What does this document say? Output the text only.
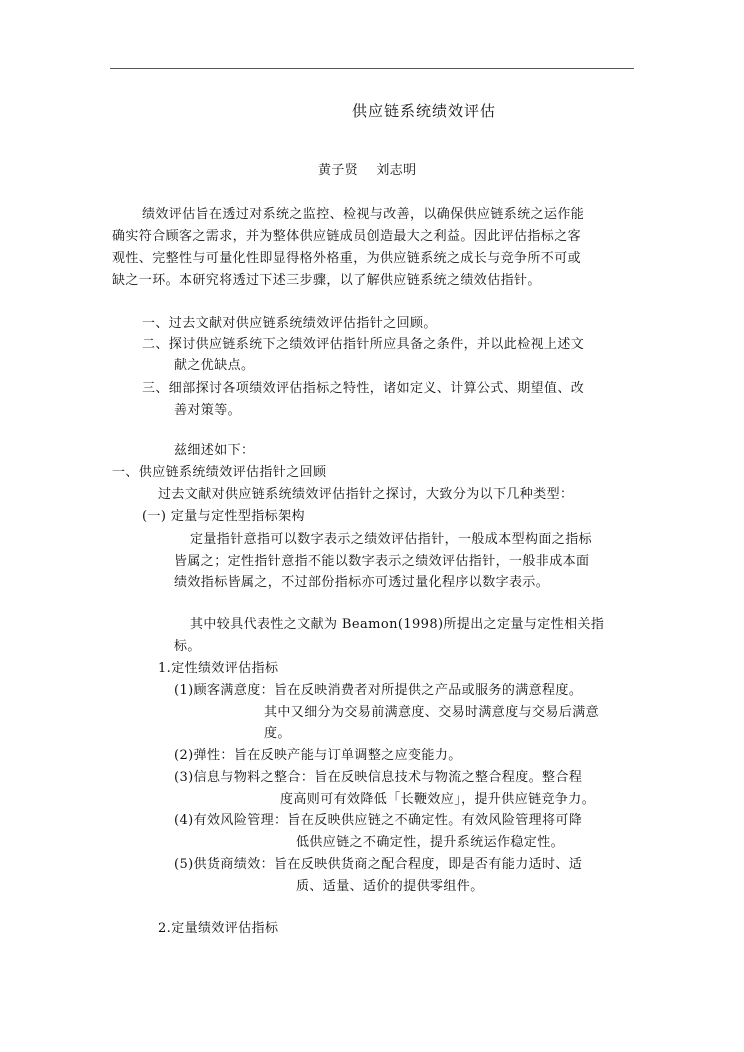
供应链系统绩效评估
黄子贤    刘志明
绩效评估旨在透过对系统之监控、检视与改善，以确保供应链系统之运作能
确实符合顾客之需求，并为整体供应链成员创造最大之利益。因此评估指标之客
观性、完整性与可量化性即显得格外格重，为供应链系统之成长与竞争所不可或
缺之一环。本研究将透过下述三步骤，以了解供应链系统之绩效估指针。
一、过去文献对供应链系统绩效评估指针之回顾。
二、探讨供应链系统下之绩效评估指针所应具备之条件，并以此检视上述文
献之优缺点。
三、细部探讨各项绩效评估指标之特性，诸如定义、计算公式、期望值、改
善对策等。
兹细述如下：
一、供应链系统绩效评估指针之回顾
过去文献对供应链系统绩效评估指针之探讨，大致分为以下几种类型：
(一) 定量与定性型指标架构
定量指针意指可以数字表示之绩效评估指针，一般成本型构面之指标
皆属之；定性指针意指不能以数字表示之绩效评估指针，一般非成本面
绩效指标皆属之，不过部份指标亦可透过量化程序以数字表示。
其中较具代表性之文献为 Beamon(1998)所提出之定量与定性相关指
标。
1.定性绩效评估指标
(1)顾客满意度：旨在反映消费者对所提供之产品或服务的满意程度。
其中又细分为交易前满意度、交易时满意度与交易后满意
度。
(2)弹性：旨在反映产能与订单调整之应变能力。
(3)信息与物料之整合：旨在反映信息技术与物流之整合程度。整合程
度高则可有效降低「长鞭效应」，提升供应链竞争力。
(4)有效风险管理：旨在反映供应链之不确定性。有效风险管理将可降
低供应链之不确定性，提升系统运作稳定性。
(5)供货商绩效：旨在反映供货商之配合程度，即是否有能力适时、适
质、适量、适价的提供零组件。
2.定量绩效评估指标
